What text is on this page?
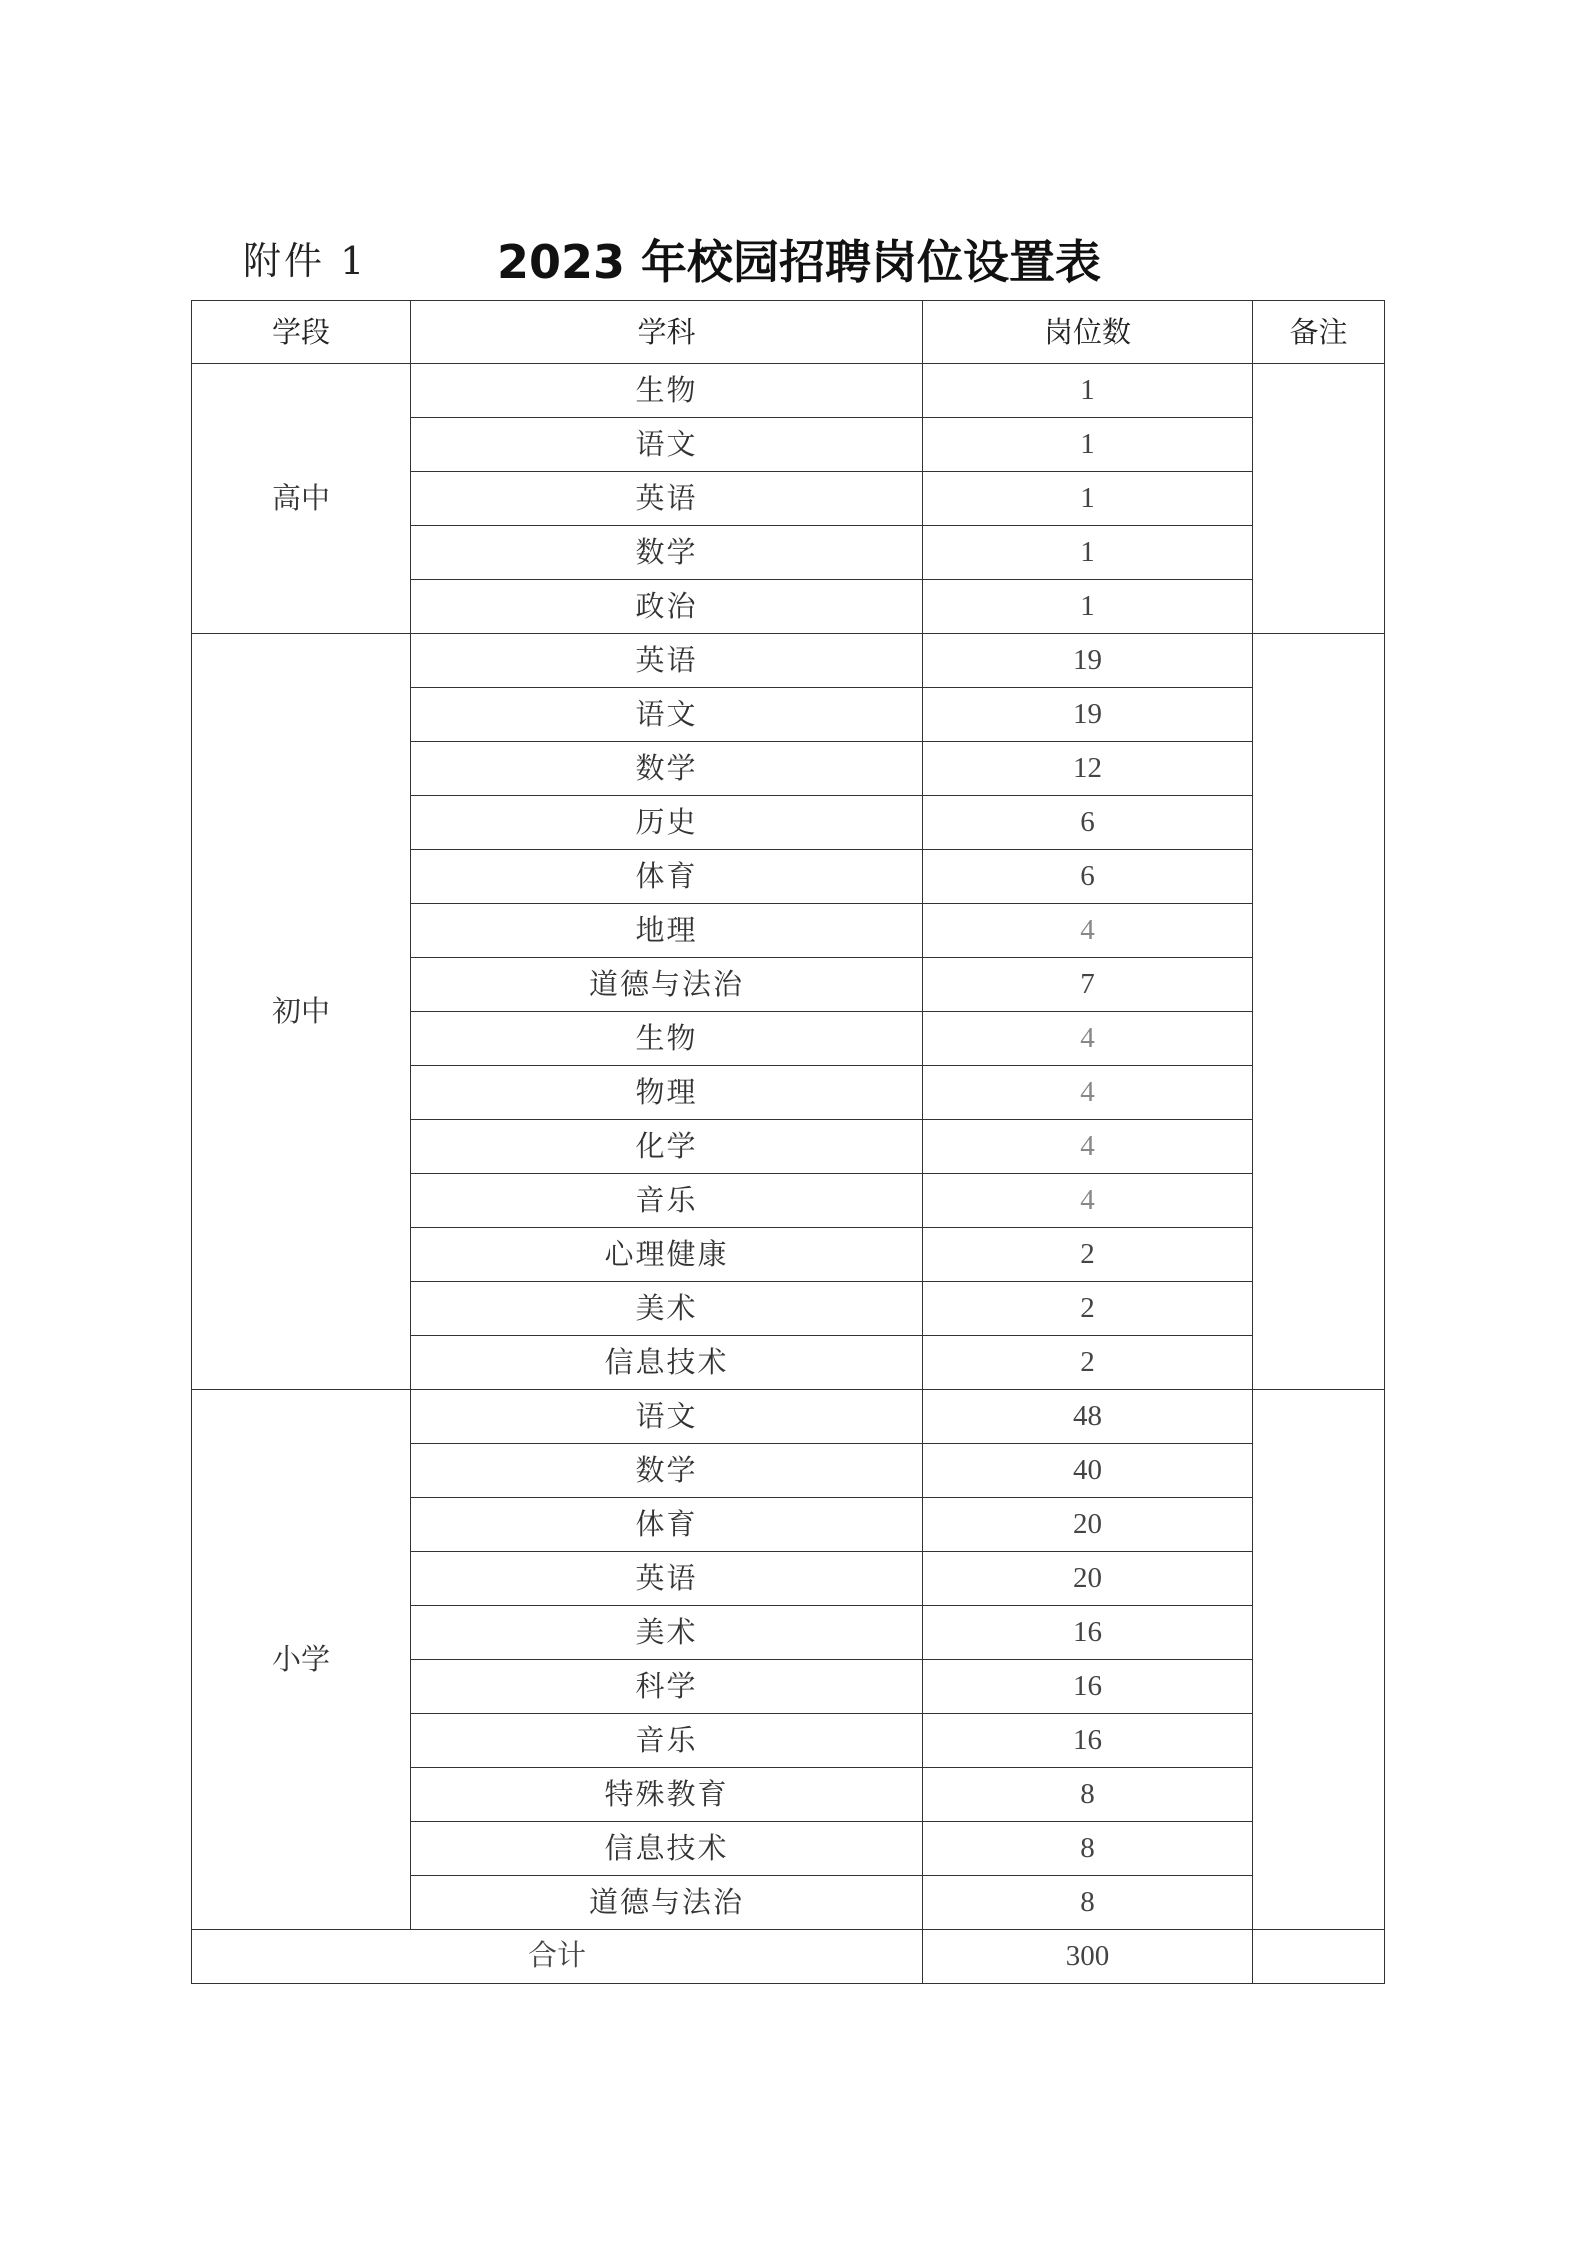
附件 1	2023 年校园招聘岗位设置表
学段	学科	岗位数	备注
高中	生物	1	
	语文	1	
	英语	1	
	数学	1	
	政治	1	
初中	英语	19	
	语文	19	
	数学	12	
	历史	6	
	体育	6	
	地理	4	
	道德与法治	7	
	生物	4	
	物理	4	
	化学	4	
	音乐	4	
	心理健康	2	
	美术	2	
	信息技术	2	
小学	语文	48	
	数学	40	
	体育	20	
	英语	20	
	美术	16	
	科学	16	
	音乐	16	
	特殊教育	8	
	信息技术	8	
	道德与法治	8	
合计		300	
